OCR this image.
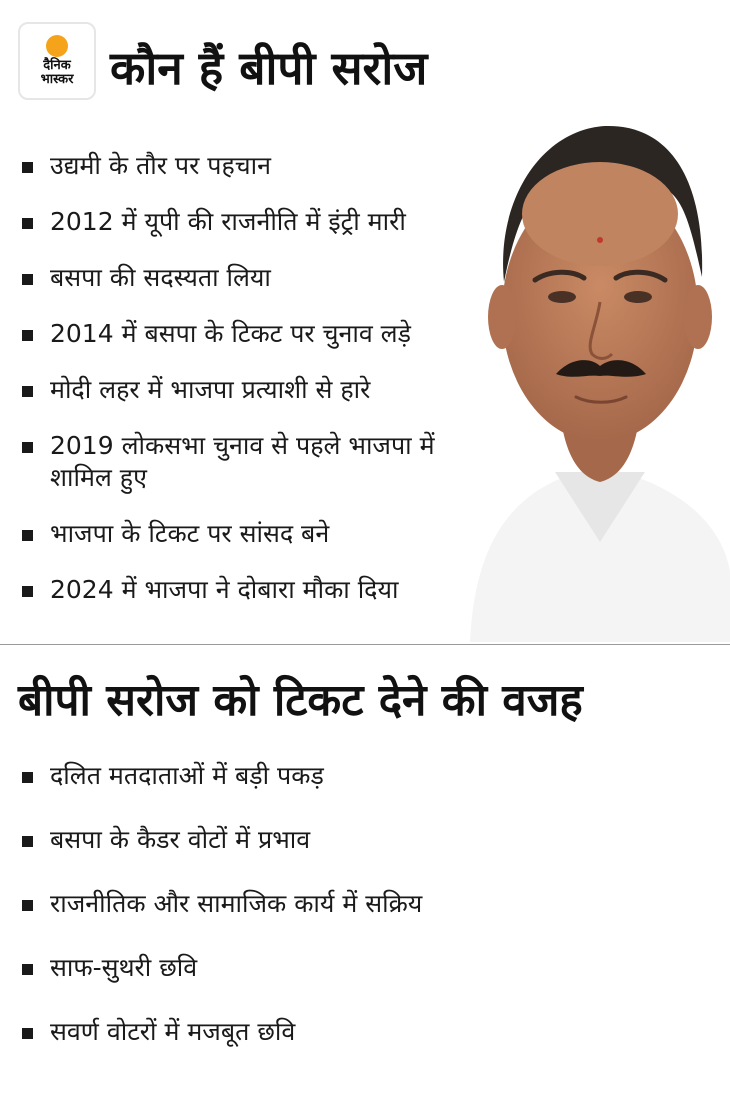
दैनिक
भास्कर कौन हैं बीपी सरोज
उद्यमी के तौर पर पहचान
2012 में यूपी की राजनीति में इंट्री मारी
बसपा की सदस्यता लिया
2014 में बसपा के टिकट पर चुनाव लड़े
मोदी लहर में भाजपा प्रत्याशी से हारे
2019 लोकसभा चुनाव से पहले भाजपा में शामिल हुए
भाजपा के टिकट पर सांसद बने
2024 में भाजपा ने दोबारा मौका दिया
बीपी सरोज को टिकट देने की वजह
दलित मतदाताओं में बड़ी पकड़
बसपा के कैडर वोटों में प्रभाव
राजनीतिक और सामाजिक कार्य में सक्रिय
साफ-सुथरी छवि
सवर्ण वोटरों में मजबूत छवि
